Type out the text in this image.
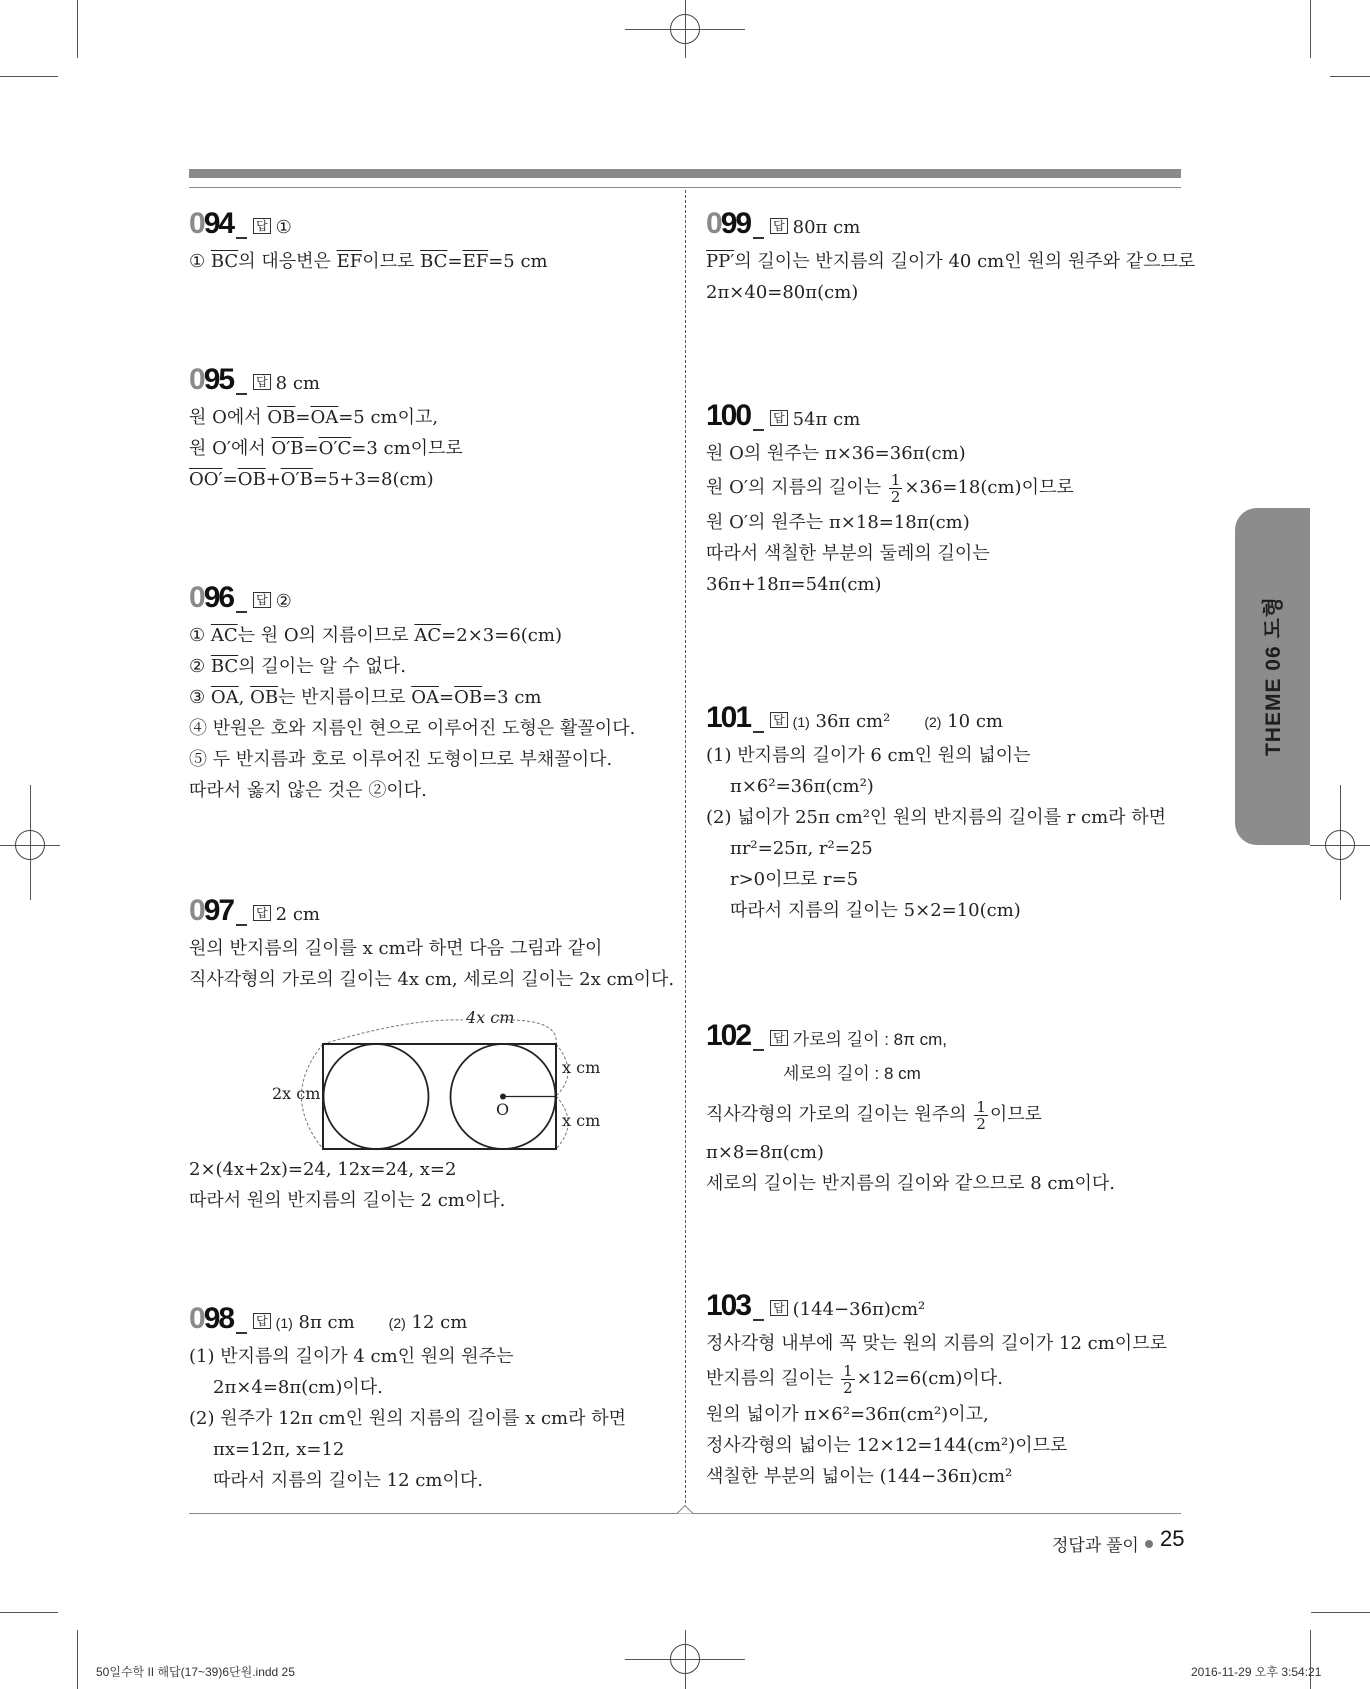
094 답 ①
① $\overline{BC}$의 대응변은 $\overline{EF}$이므로 $\overline{BC}=\overline{EF}=5$ cm
095 답 8 cm
원 O에서 $\overline{OB}=\overline{OA}=5$ cm이고,
원 O′에서 O′B=O′C=3 cm이므로
$OO'=\overline{OB}+O'B=5+3=8(cm)$
096 답 ②
① $\overline{AC}$는 원 O의 지름이므로 $\overline{AC}=2\times 3=6(cm)$
② $\overline{BC}$의 길이는 알 수 없다.
③ $\overline{OA}$, $\overline{OB}$는 반지름이므로 $\overline{OA}=\overline{OB}=3$ cm
④ 반원은 호와 지름인 현으로 이루어진 도형은 활꼴이다.
⑤ 두 반지름과 호로 이루어진 도형이므로 부채꼴이다.
따라서 옳지 않은 것은 ②이다.
097 답 2 cm
원의 반지름의 길이를 x cm라 하면 다음 그림과 같이
직사각형의 가로의 길이는 4x cm, 세로의 길이는 2x cm이다.
4x cm
2x cm
x cm
x cm
O
2×(4x+2x)=24, 12x=24, x=2
따라서 원의 반지름의 길이는 2 cm이다.
098 답 (1)
8π cm (2)
12 cm
(1) 반지름의 길이가 4 cm인 원의 원주는
2π×4=8π(cm)이다.
(2) 원주가 12π cm인 원의 지름의 길이를 x cm라 하면
πx=12π, x=12
따라서 지름의 길이는 12 cm이다.
099 답 80π cm
PP′의 길이는 반지름의 길이가 40 cm인 원의 원주와 같으므로
2π×40=80π(cm)
100 답 54π cm
원 O의 원주는 π×36=36π(cm)
원 O′의 지름의 길이는 $\frac{1}{2} \times 36=18(cm)$이므로
원 O′의 원주는 π×18=18π(cm)
따라서 색칠한 부분의 둘레의 길이는
36π+18π=54π(cm)
101 답 (1)
36π cm² (2)
10 cm
(1) 반지름의 길이가 6 cm인 원의 넓이는
π×6²=36π(cm²)
(2) 넓이가 25π cm²인 원의 반지름의 길이를 r cm라 하면
πr²=25π, r²=25
r>0이므로 r=5
따라서 지름의 길이는 5×2=10(cm)
102 답 가로의 길이 : 8π cm,
세로의 길이 : 8 cm
직사각형의 가로의 길이는 원주의 $\frac{1}{2}$ 이므로
π×8=8π(cm)
세로의 길이는 반지름의 길이와 같으므로 8 cm이다.
103 답 (144−36π)cm²
정사각형 내부에 꼭 맞는 원의 지름의 길이가 12 cm이므로
반지름의 길이는 $\frac{1}{2} \times 12=6(cm)$이다.
원의 넓이가 π×6²=36π(cm²)이고,
정사각형의 넓이는 12×12=144(cm²)이므로
색칠한 부분의 넓이는 (144−36π)cm²
THEME 06 도형
정답과 풀이 25
50일수학 II 해답(17~39)6단원.indd 25	2016-11-29 오후 3:54:21
